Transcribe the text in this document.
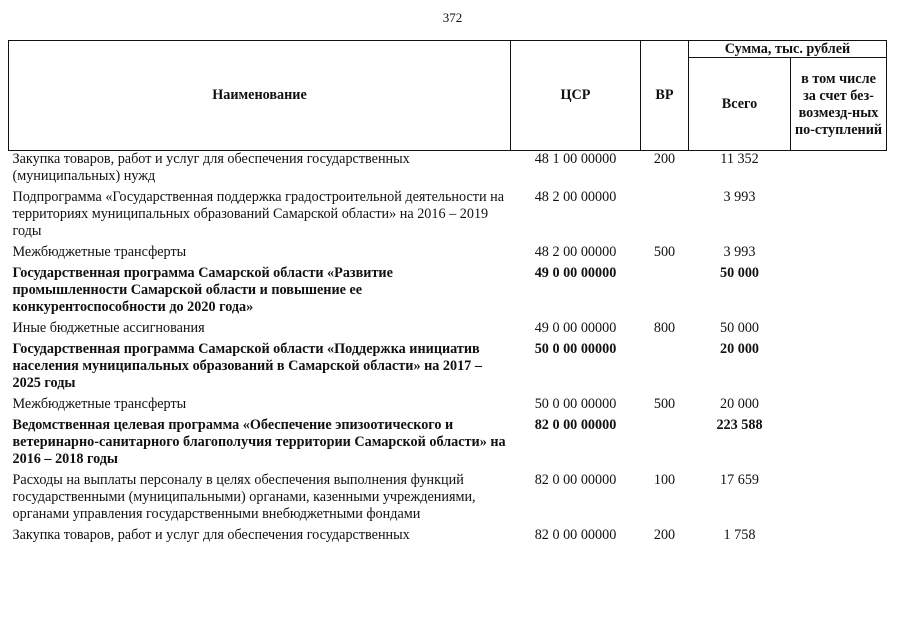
372
Наименование	ЦСР	ВР	Сумма, тыс. рублей	
			Всего	в том числе за счет без-возмезд-ных по-ступлений
Закупка товаров, работ и услуг для обеспечения государственных (муниципальных) нужд	48 1 00 00000	200	11 352	
Подпрограмма «Государственная поддержка градостроительной деятельности на территориях муниципальных образований Самарской области» на 2016 – 2019 годы	48 2 00 00000		3 993	
Межбюджетные трансферты	48 2 00 00000	500	3 993	
Государственная программа Самарской области «Развитие промышленности Самарской области и повышение ее конкурентоспособности до 2020 года»	49 0 00 00000		50 000	
Иные бюджетные ассигнования	49 0 00 00000	800	50 000	
Государственная программа Самарской области «Поддержка инициатив населения муниципальных образований в Самарской области» на 2017 – 2025 годы	50 0 00 00000		20 000	
Межбюджетные трансферты	50 0 00 00000	500	20 000	
Ведомственная целевая программа «Обеспечение эпизоотического и ветеринарно-санитарного благополучия территории Самарской области» на 2016 – 2018 годы	82 0 00 00000		223 588	
Расходы на выплаты персоналу в целях обеспечения выполнения функций государственными (муниципальными) органами, казенными учреждениями, органами управления государственными внебюджетными фондами	82 0 00 00000	100	17 659	
Закупка товаров, работ и услуг для обеспечения государственных	82 0 00 00000	200	1 758	
